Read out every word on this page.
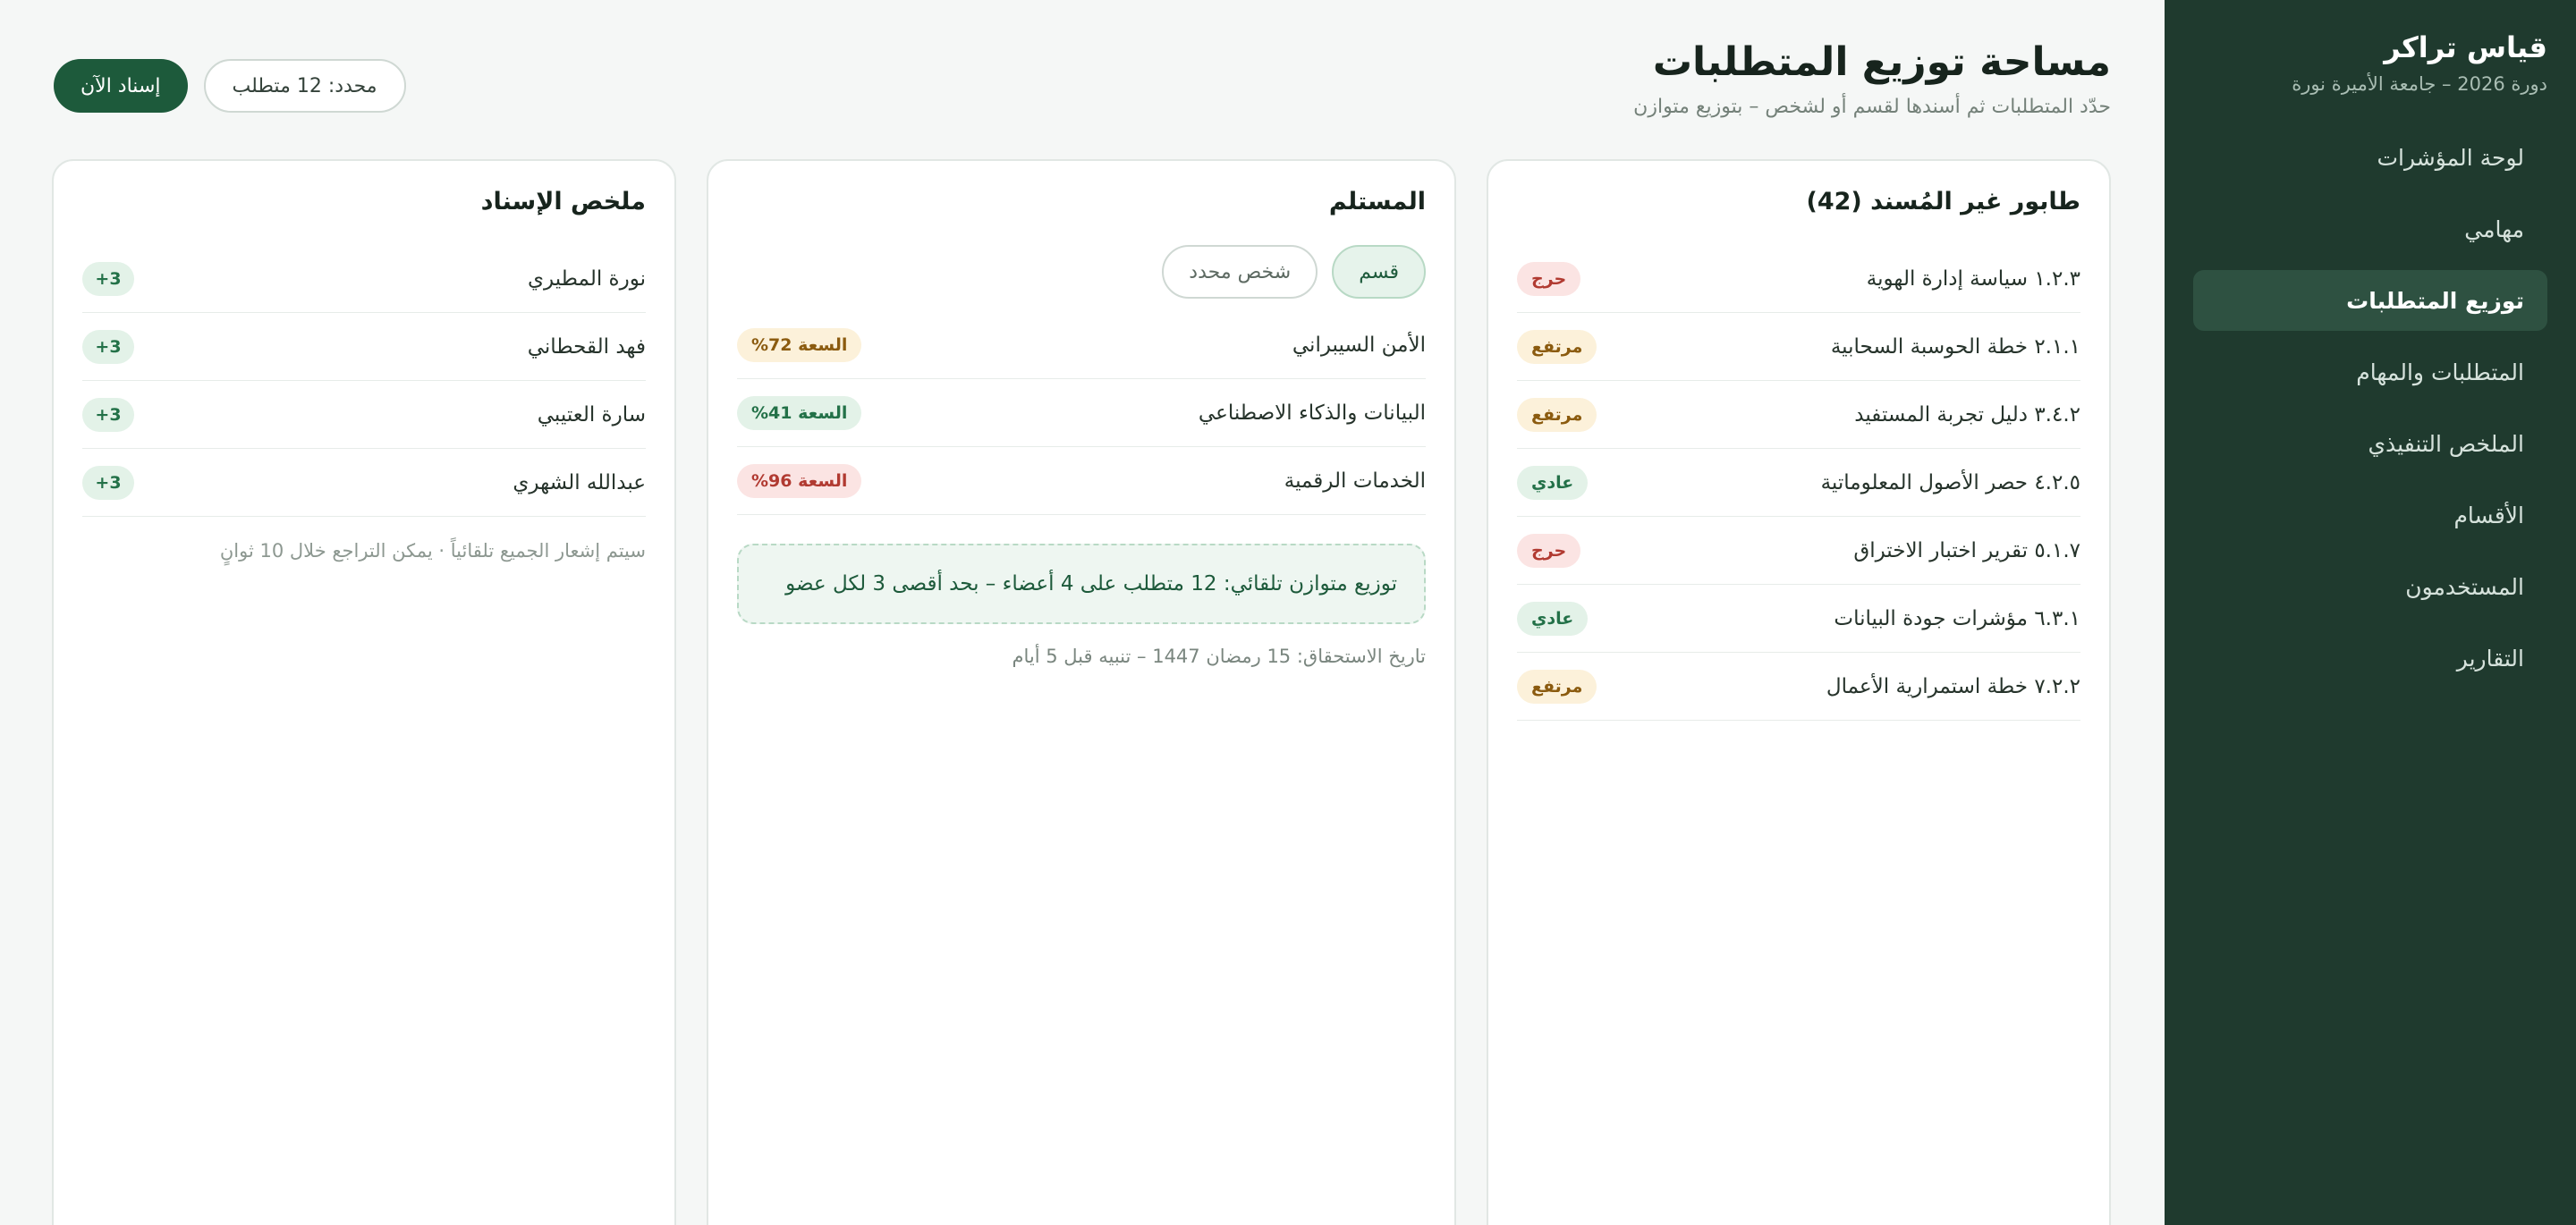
قياس تراكر
دورة 2026 – جامعة الأميرة نورة
لوحة المؤشرات
مهامي
توزيع المتطلبات
المتطلبات والمهام
الملخص التنفيذي
الأقسام
المستخدمون
التقارير
مساحة توزيع المتطلبات
حدّد المتطلبات ثم أسندها لقسم أو لشخص – بتوزيع متوازن
إسناد الآن	محدد: 12 متطلب
طابور غير المُسند (42)
١.٢.٣ سياسة إدارة الهوية
حرج
٢.١.١ خطة الحوسبة السحابية
مرتفع
٣.٤.٢ دليل تجربة المستفيد
مرتفع
٤.٢.٥ حصر الأصول المعلوماتية
عادي
٥.١.٧ تقرير اختبار الاختراق
حرج
٦.٣.١ مؤشرات جودة البيانات
عادي
٧.٢.٢ خطة استمرارية الأعمال
مرتفع
المستلم
قسم
شخص محدد
الأمن السيبراني
السعة 72%
البيانات والذكاء الاصطناعي
السعة 41%
الخدمات الرقمية
السعة 96%
توزيع متوازن تلقائي: 12 متطلب على 4 أعضاء – بحد أقصى 3 لكل عضو
تاريخ الاستحقاق: 15 رمضان 1447 – تنبيه قبل 5 أيام
ملخص الإسناد
نورة المطيري
+3
فهد القحطاني
+3
سارة العتيبي
+3
عبدالله الشهري
+3
سيتم إشعار الجميع تلقائياً · يمكن التراجع خلال 10 ثوانٍ
